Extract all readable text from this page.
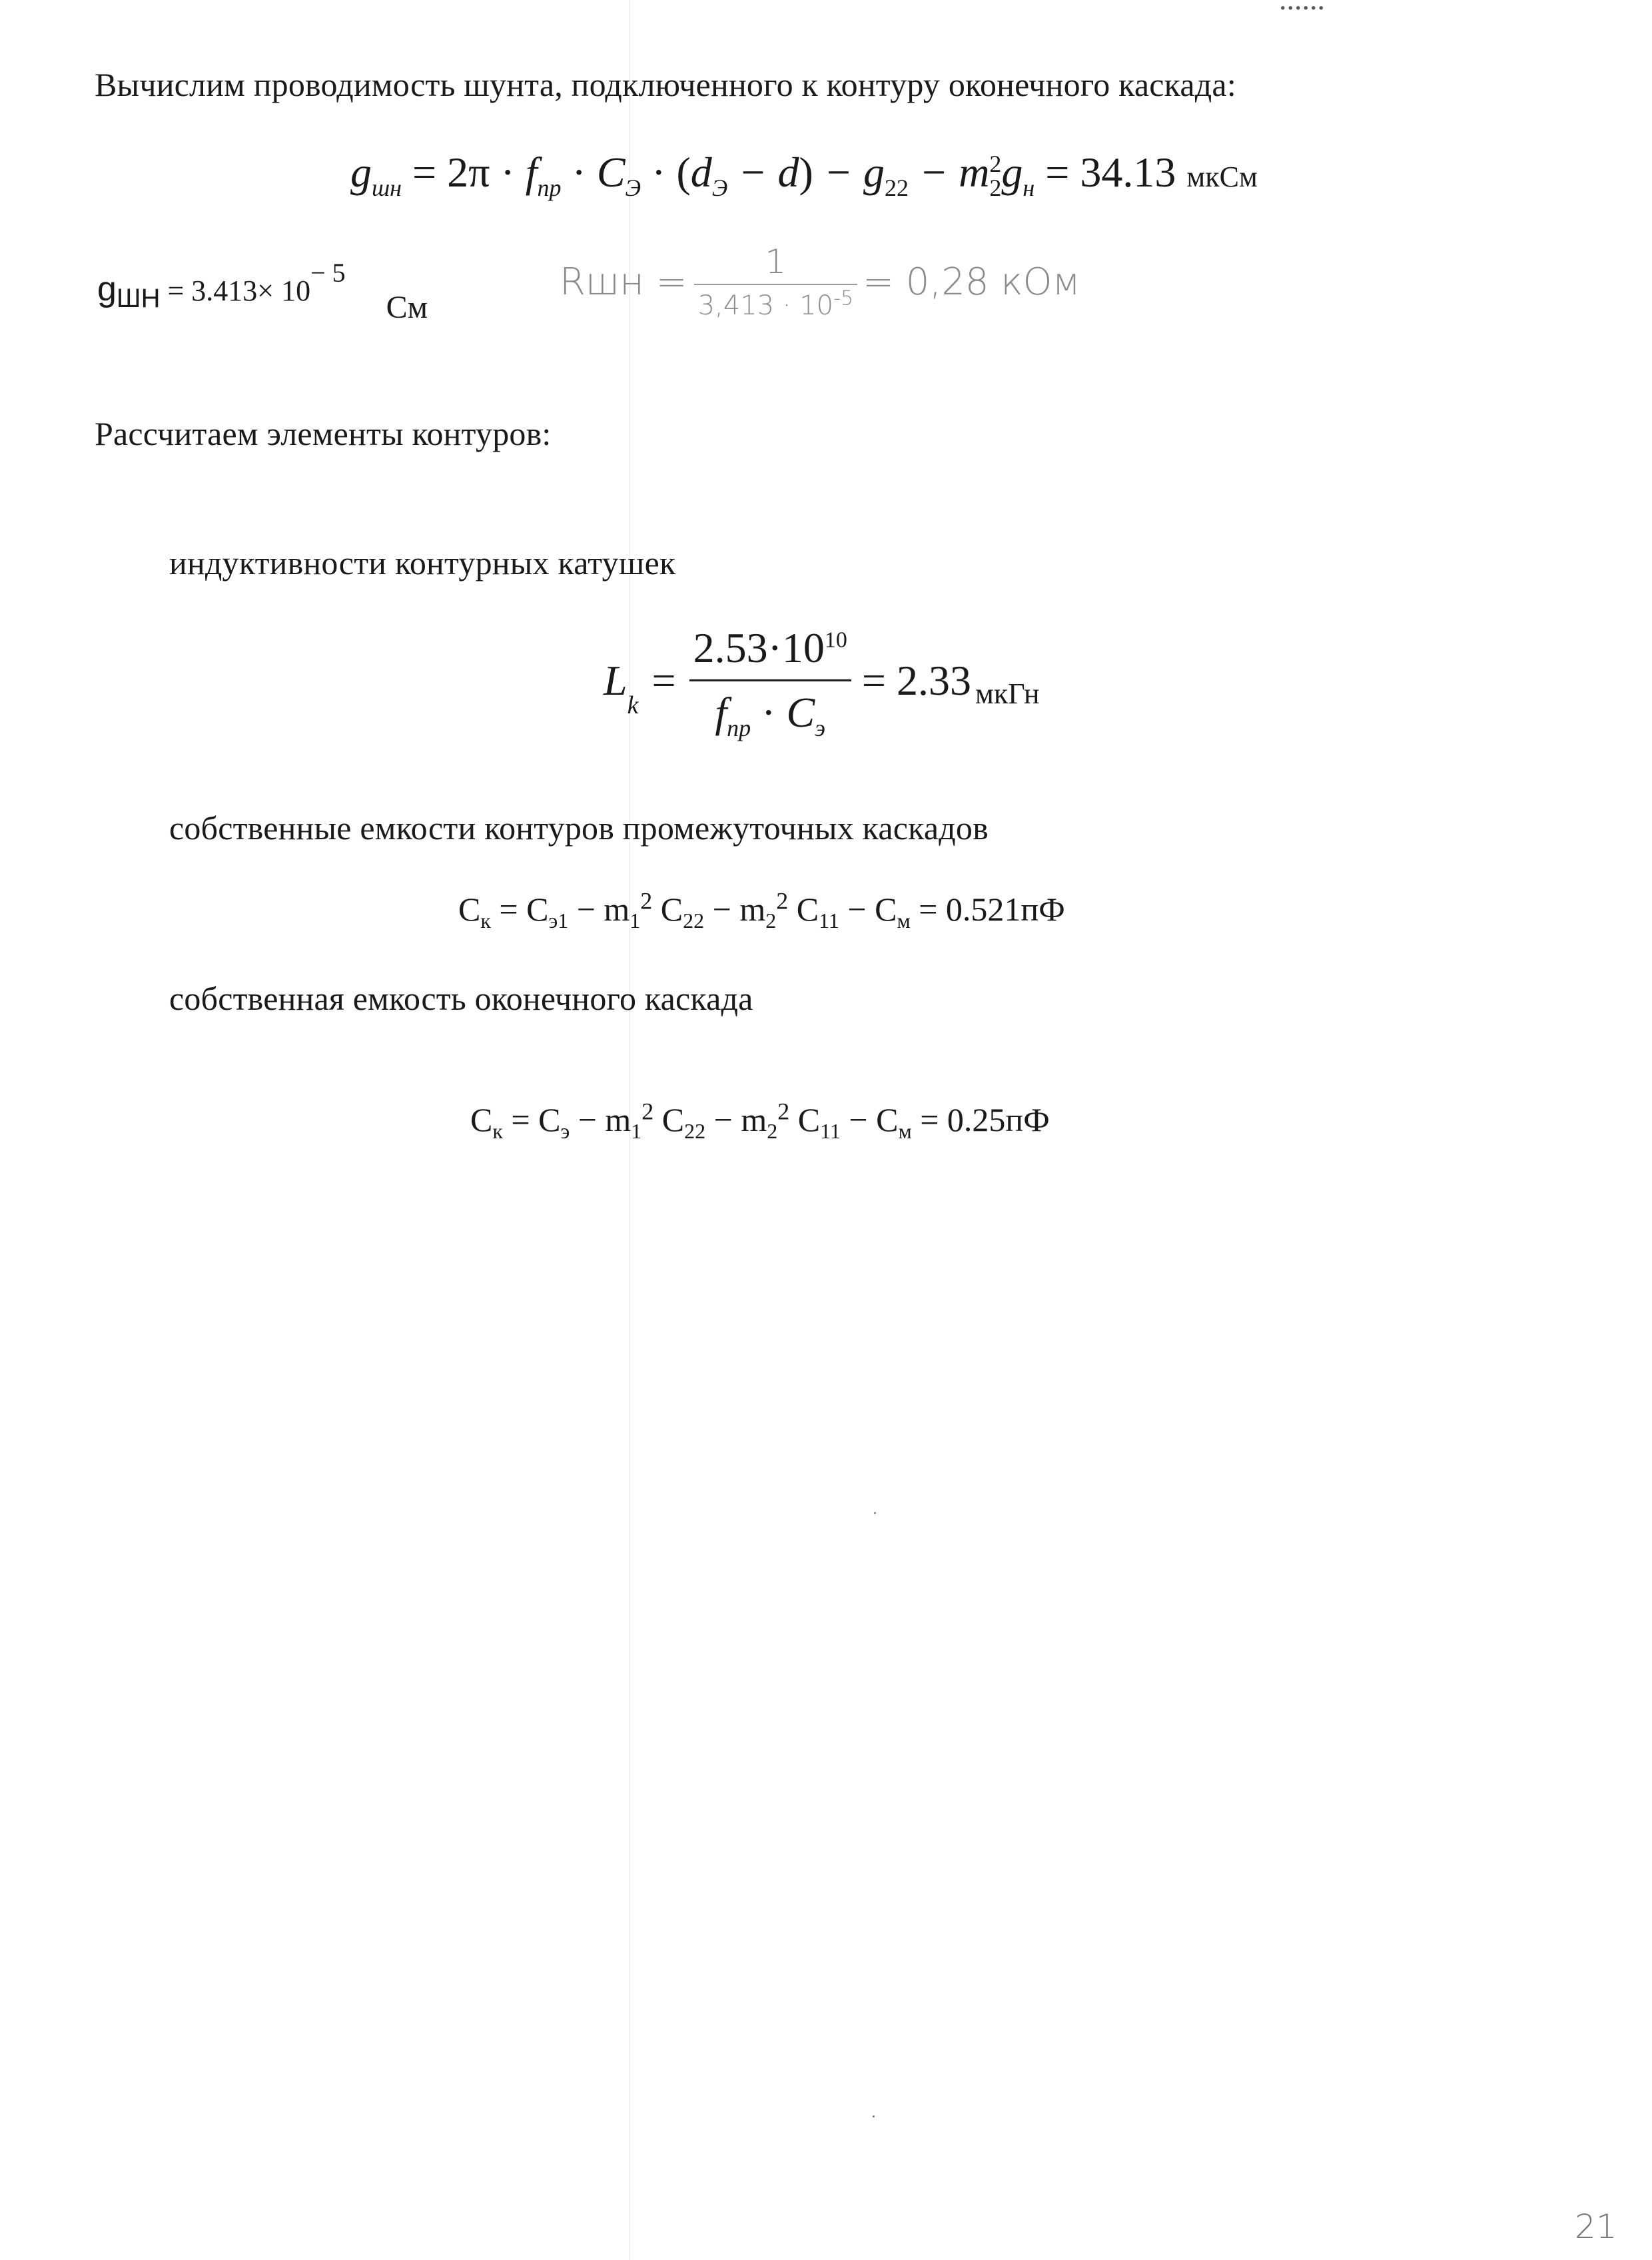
Вычислим проводимость шунта, подключенного к контуру оконечного каскада:
$g_{шн} = 2\pi \cdot f_{пр} \cdot C_Э \cdot (d_Э - d) - g_{22} - m_2^2g_н = 34.13$ мкСм
$g_{ШН} = 3.413\times 10^{- 5}$ См
Rшн = $\frac{1}{3,413 \cdot 10^{-5}} = 0,28$ кОм
Рассчитаем элементы контуров:
индуктивности контурных катушек
L
k
= $\frac{2.53\cdot 10^{10}}{f_{пр} \cdot C_э} = 2.33$ мкГн
собственные емкости контуров промежуточных каскадов
$C_к = C_{э1} - m_1^2$ $C_{22} - m_2^2$ $C_{11} - C_м = 0.521пФ$
собственная емкость оконечного каскада
$C_к = C_э - m_1^2$ $C_{22} - m_2^2$ $C_{11} - C_м = 0.25пФ$
21
